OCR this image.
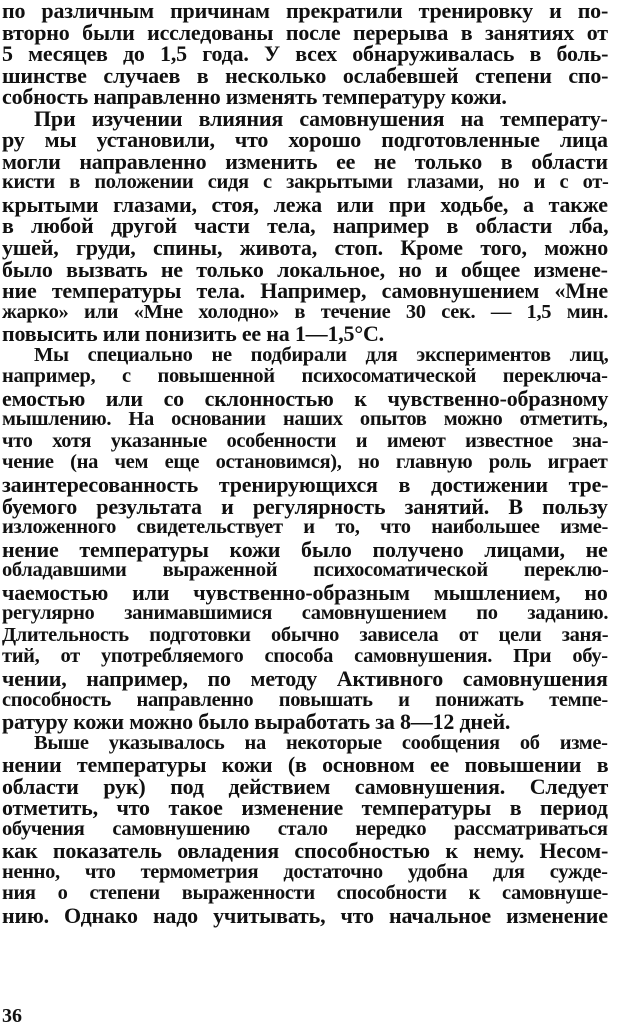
по различным причинам прекратили тренировку и по-
вторно были исследованы после перерыва в занятиях от
5 месяцев до 1,5 года. У всех обнаруживалась в боль-
шинстве случаев в несколько ослабевшей степени спо-
собность направленно изменять температуру кожи.
При изучении влияния самовнушения на температу-
ру мы установили, что хорошо подготовленные лица
могли направленно изменить ее не только в области
кисти в положении сидя с закрытыми глазами, но и с от-
крытыми глазами, стоя, лежа или при ходьбе, а также
в любой другой части тела, например в области лба,
ушей, груди, спины, живота, стоп. Кроме того, можно
было вызвать не только локальное, но и общее измене-
ние температуры тела. Например, самовнушением «Мне
жарко» или «Мне холодно» в течение 30 сек. — 1,5 мин.
повысить или понизить ее на 1—1,5°С.
Мы специально не подбирали для экспериментов лиц,
например, с повышенной психосоматической переключа-
емостью или со склонностью к чувственно-образному
мышлению. На основании наших опытов можно отметить,
что хотя указанные особенности и имеют известное зна-
чение (на чем еще остановимся), но главную роль играет
заинтересованность тренирующихся в достижении тре-
буемого результата и регулярность занятий. В пользу
изложенного свидетельствует и то, что наибольшее изме-
нение температуры кожи было получено лицами, не
обладавшими выраженной психосоматической переклю-
чаемостью или чувственно-образным мышлением, но
регулярно занимавшимися самовнушением по заданию.
Длительность подготовки обычно зависела от цели заня-
тий, от употребляемого способа самовнушения. При обу-
чении, например, по методу Активного самовнушения
способность направленно повышать и понижать темпе-
ратуру кожи можно было выработать за 8—12 дней.
Выше указывалось на некоторые сообщения об изме-
нении температуры кожи (в основном ее повышении в
области рук) под действием самовнушения. Следует
отметить, что такое изменение температуры в период
обучения самовнушению стало нередко рассматриваться
как показатель овладения способностью к нему. Несом-
ненно, что термометрия достаточно удобна для сужде-
ния о степени выраженности способности к самовнуше-
нию. Однако надо учитывать, что начальное изменение
36
